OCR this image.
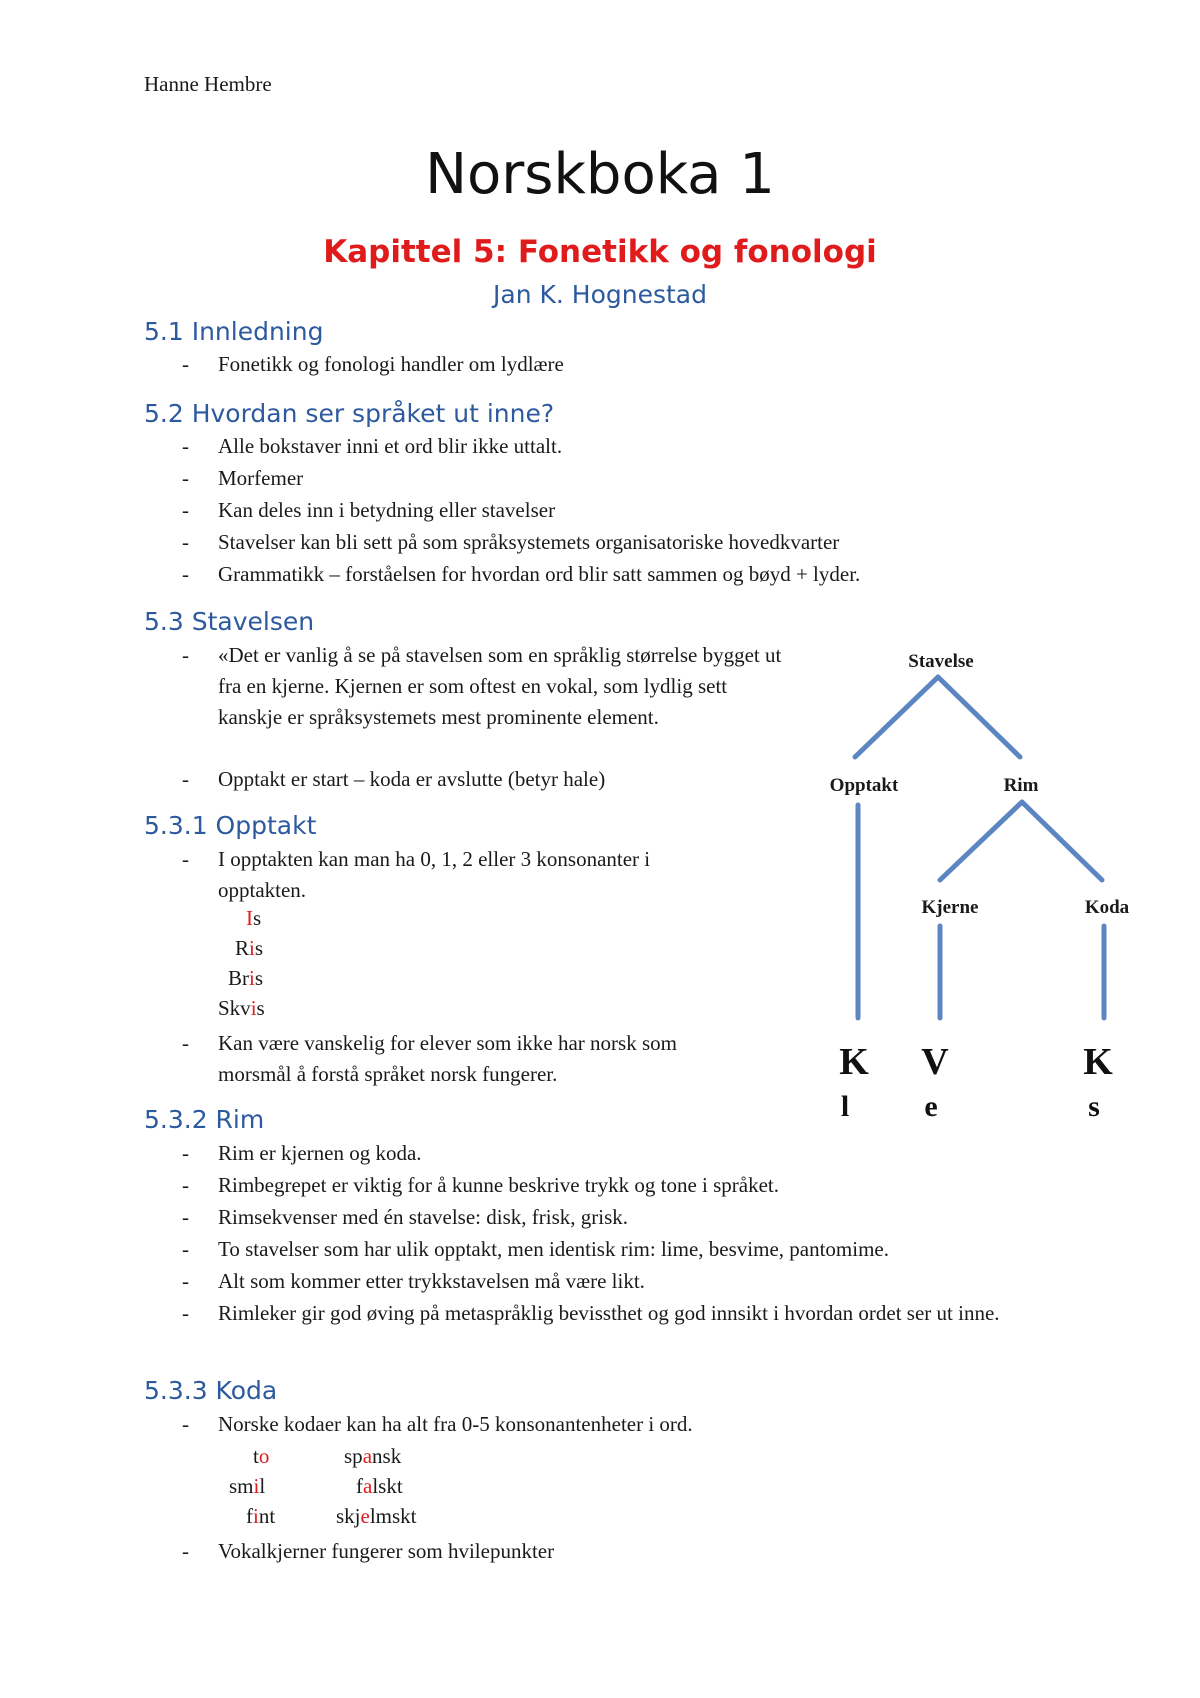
Hanne Hembre
Norskboka 1
Kapittel 5: Fonetikk og fonologi
Jan K. Hognestad
5.1 Innledning
- Fonetikk og fonologi handler om lydlære
5.2 Hvordan ser språket ut inne?
- Alle bokstaver inni et ord blir ikke uttalt.
- Morfemer
- Kan deles inn i betydning eller stavelser
- Stavelser kan bli sett på som språksystemets organisatoriske hovedkvarter
- Grammatikk – forståelsen for hvordan ord blir satt sammen og bøyd + lyder.
5.3 Stavelsen
- «Det er vanlig å se på stavelsen som en språklig størrelse bygget ut fra en kjerne. Kjernen er som oftest en vokal, som lydlig sett kanskje er språksystemets mest prominente element.
- Opptakt er start – koda er avslutte (betyr hale)
5.3.1 Opptakt
- I opptakten kan man ha 0, 1, 2 eller 3 konsonanter i opptakten.
Is
Ris
Bris
Skvis
- Kan være vanskelig for elever som ikke har norsk som morsmål å forstå språket norsk fungerer.
5.3.2 Rim
- Rim er kjernen og koda.
- Rimbegrepet er viktig for å kunne beskrive trykk og tone i språket.
- Rimsekvenser med én stavelse: disk, frisk, grisk.
- To stavelser som har ulik opptakt, men identisk rim: lime, besvime, pantomime.
- Alt som kommer etter trykkstavelsen må være likt.
- Rimleker gir god øving på metaspråklig bevissthet og god innsikt i hvordan ordet ser ut inne.
5.3.3 Koda
- Norske kodaer kan ha alt fra 0-5 konsonantenheter i ord.
to
smil
fint
spansk
falskt
skjelmskt
- Vokalkjerner fungerer som hvilepunkter
Stavelse
Opptakt	Rim
Kjerne	Koda
K
l
V
e
K
s
